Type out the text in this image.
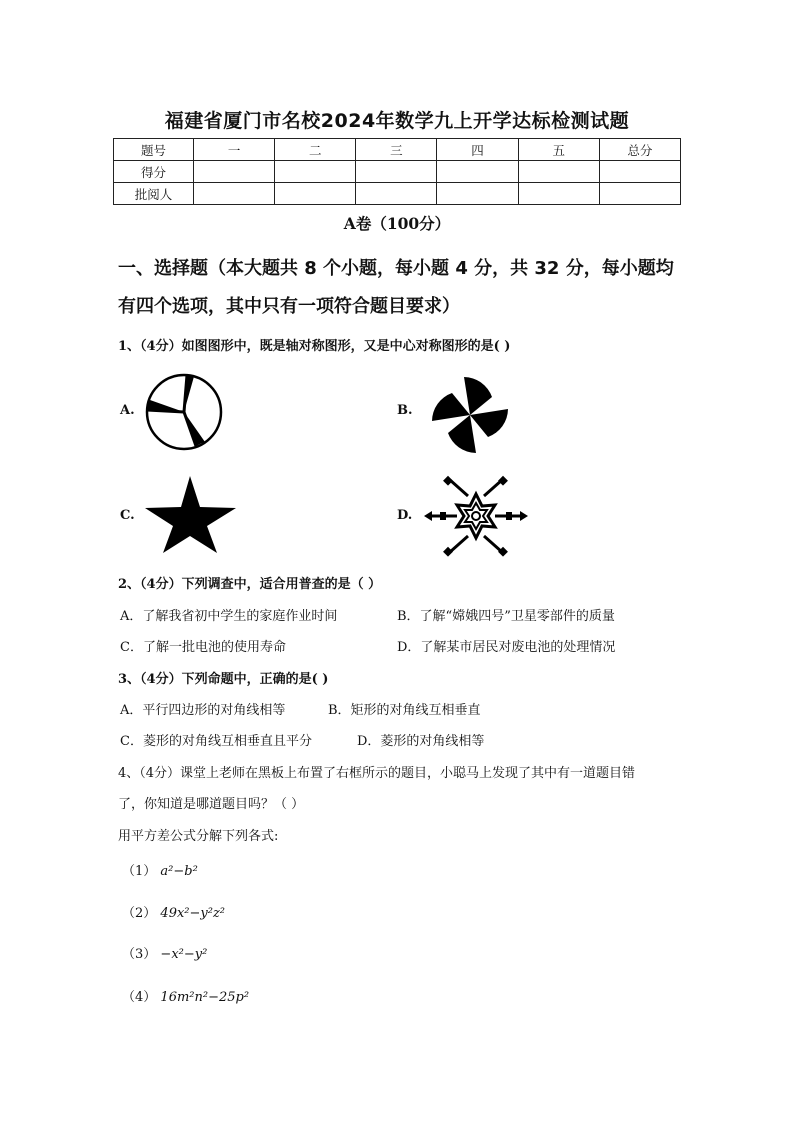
福建省厦门市名校2024年数学九上开学达标检测试题
题号	一	二	三	四	五	总分
得分						
批阅人						
A卷（100分）
一、选择题（本大题共 8 个小题，每小题 4 分，共 32 分，每小题均
有四个选项，其中只有一项符合题目要求）
1、（4分）如图图形中，既是轴对称图形，又是中心对称图形的是( )
A.	B.
C.	D.
2、（4分）下列调查中，适合用普查的是（ ）
A．了解我省初中学生的家庭作业时间	B．了解“嫦娥四号”卫星零部件的质量
C．了解一批电池的使用寿命	D．了解某市居民对废电池的处理情况
3、（4分）下列命题中，正确的是( )
A．平行四边形的对角线相等	B．矩形的对角线互相垂直
C．菱形的对角线互相垂直且平分	D．菱形的对角线相等
4、（4分）课堂上老师在黑板上布置了右框所示的题目，小聪马上发现了其中有一道题目错
了，你知道是哪道题目吗？（ ）
用平方差公式分解下列各式:
（1） a²−b²
（2） 49x²−y²z²
（3） −x²−y²
（4） 16m²n²−25p²
